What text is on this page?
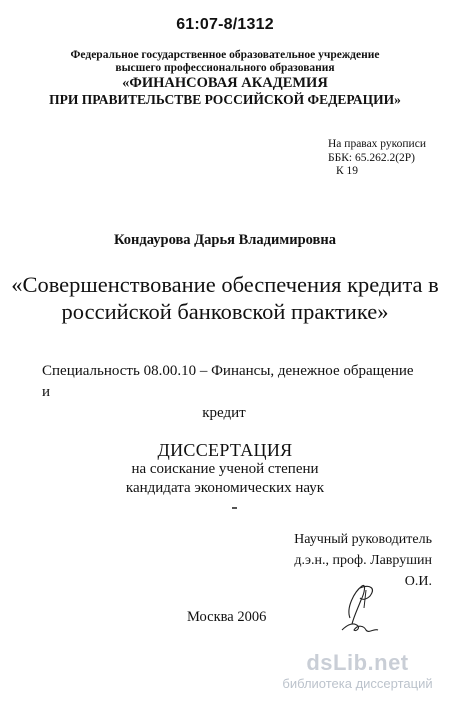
61:07-8/1312
Федеральное государственное образовательное учреждение
высшего профессионального образования
«ФИНАНСОВАЯ АКАДЕМИЯ
ПРИ ПРАВИТЕЛЬСТВЕ РОССИЙСКОЙ ФЕДЕРАЦИИ»
На правах рукописи
ББК: 65.262.2(2Р)
К 19
Кондаурова Дарья Владимировна
«Совершенствование обеспечения кредита в
российской банковской практике»
Специальность 08.00.10 – Финансы, денежное обращение и
кредит
ДИССЕРТАЦИЯ
на соискание ученой степени
кандидата экономических наук
Научный руководитель
д.э.н., проф. Лаврушин О.И.
Москва 2006
dsLib.net
библиотека диссертаций
